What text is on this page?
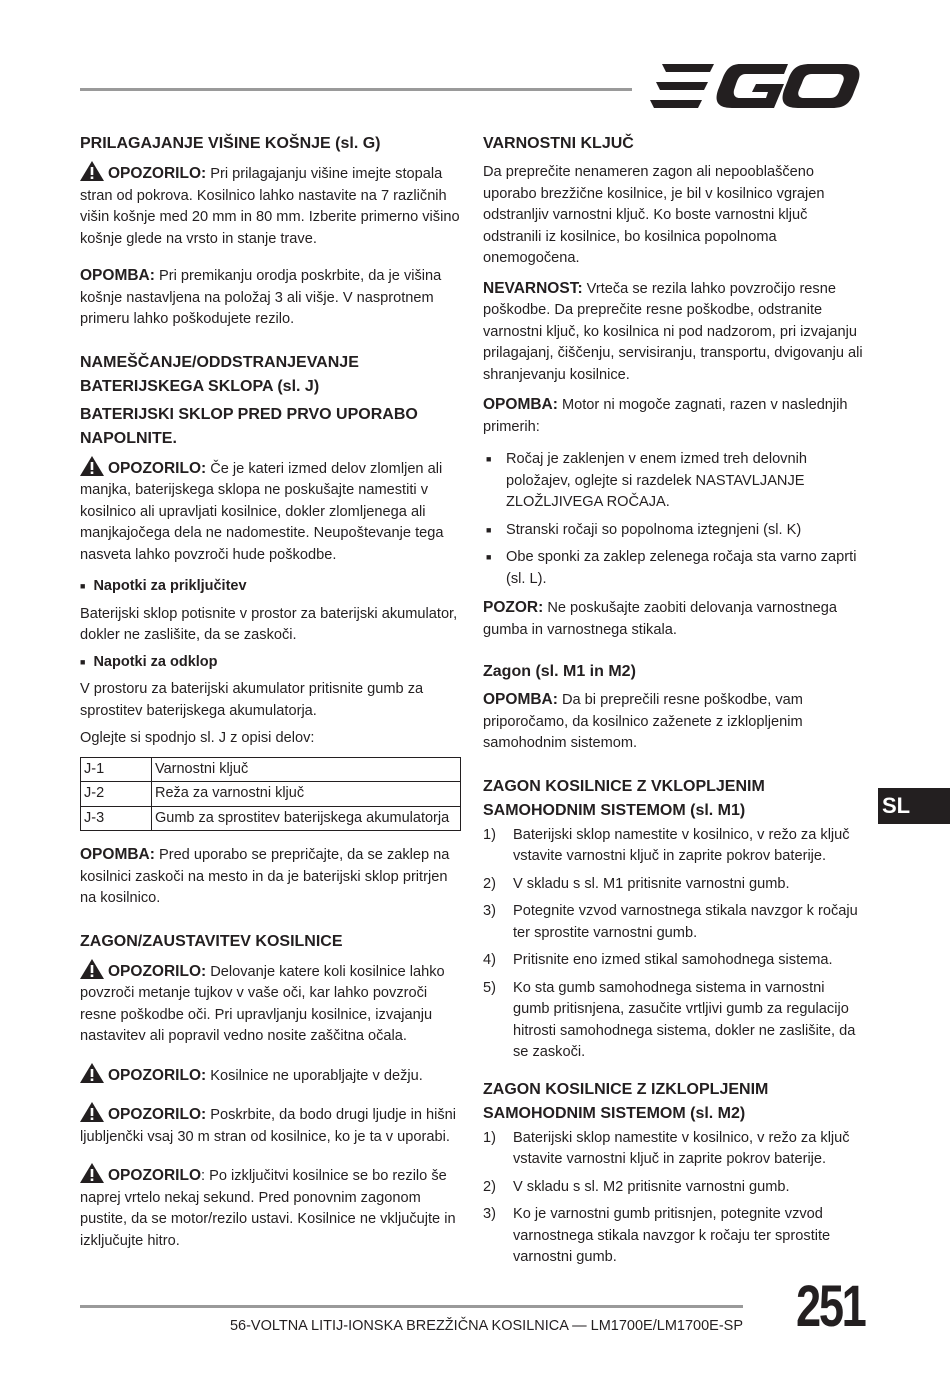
PRILAGAJANJE VIŠINE KOŠNJE (sl. G)

OPOZORILO: Pri prilagajanju višine imejte stopala stran od pokrova. Kosilnico lahko nastavite na 7 različnih višin košnje med 20 mm in 80 mm. Izberite primerno višino košnje glede na vrsto in stanje trave.

OPOMBA: Pri premikanju orodja poskrbite, da je višina košnje nastavljena na položaj 3 ali višje. V nasprotnem primeru lahko poškodujete rezilo.

NAMEŠČANJE/ODDSTRANJEVANJE BATERIJSKEGA SKLOPA (sl. J)

BATERIJSKI SKLOP PRED PRVO UPORABO NAPOLNITE.

OPOZORILO: Če je kateri izmed delov zlomljen ali manjka, baterijskega sklopa ne poskušajte namestiti v kosilnico ali upravljati kosilnice, dokler zlomljenega ali manjkajočega dela ne nadomestite. Neupoštevanje tega nasveta lahko povzroči hude poškodbe.

■ Napotki za priključitev

Baterijski sklop potisnite v prostor za baterijski akumulator, dokler ne zaslišite, da se zaskoči.

■ Napotki za odklop

V prostoru za baterijski akumulator pritisnite gumb za sprostitev baterijskega akumulatorja.

Oglejte si spodnjo sl. J z opisi delov:

J-1	Varnostni ključ
J-2	Reža za varnostni ključ
J-3	Gumb za sprostitev baterijskega akumulatorja

OPOMBA: Pred uporabo se prepričajte, da se zaklep na kosilnici zaskoči na mesto in da je baterijski sklop pritrjen na kosilnico.

ZAGON/ZAUSTAVITEV KOSILNICE

OPOZORILO: Delovanje katere koli kosilnice lahko povzroči metanje tujkov v vaše oči, kar lahko povzroči resne poškodbe oči. Pri upravljanju kosilnice, izvajanju nastavitev ali popravil vedno nosite zaščitna očala.

OPOZORILO: Kosilnice ne uporabljajte v dežju.

OPOZORILO: Poskrbite, da bodo drugi ljudje in hišni ljubljenčki vsaj 30 m stran od kosilnice, ko je ta v uporabi.

OPOZORILO: Po izključitvi kosilnice se bo rezilo še naprej vrtelo nekaj sekund. Pred ponovnim zagonom pustite, da se motor/rezilo ustavi. Kosilnice ne vključujte in izključujte hitro.

VARNOSTNI KLJUČ

Da preprečite nenameren zagon ali nepooblaščeno uporabo brezžične kosilnice, je bil v kosilnico vgrajen odstranljiv varnostni ključ. Ko boste varnostni ključ odstranili iz kosilnice, bo kosilnica popolnoma onemogočena.

NEVARNOST: Vrteča se rezila lahko povzročijo resne poškodbe. Da preprečite resne poškodbe, odstranite varnostni ključ, ko kosilnica ni pod nadzorom, pri izvajanju prilagajanj, čiščenju, servisiranju, transportu, dvigovanju ali shranjevanju kosilnice.

OPOMBA: Motor ni mogoče zagnati, razen v naslednjih primerih:

■ Ročaj je zaklenjen v enem izmed treh delovnih položajev, oglejte si razdelek NASTAVLJANJE ZLOŽLJIVEGA ROČAJA.
■ Stranski ročaji so popolnoma iztegnjeni (sl. K)
■ Obe sponki za zaklep zelenega ročaja sta varno zaprti (sl. L).

POZOR: Ne poskušajte zaobiti delovanja varnostnega gumba in varnostnega stikala.

Zagon (sl. M1 in M2)

OPOMBA: Da bi preprečili resne poškodbe, vam priporočamo, da kosilnico zaženete z izklopljenim samohodnim sistemom.

ZAGON KOSILNICE Z VKLOPLJENIM SAMOHODNIM SISTEMOM (sl. M1)

1)	Baterijski sklop namestite v kosilnico, v režo za ključ vstavite varnostni ključ in zaprite pokrov baterije.
2)	V skladu s sl. M1 pritisnite varnostni gumb.
3)	Potegnite vzvod varnostnega stikala navzgor k ročaju ter sprostite varnostni gumb.
4)	Pritisnite eno izmed stikal samohodnega sistema.
5)	Ko sta gumb samohodnega sistema in varnostni gumb pritisnjena, zasučite vrtljivi gumb za regulacijo hitrosti samohodnega sistema, dokler ne zaslišite, da se zaskoči.

ZAGON KOSILNICE Z IZKLOPLJENIM SAMOHODNIM SISTEMOM (sl. M2)

1)	Baterijski sklop namestite v kosilnico, v režo za ključ vstavite varnostni ključ in zaprite pokrov baterije.
2)	V skladu s sl. M2 pritisnite varnostni gumb.
3)	Ko je varnostni gumb pritisnjen, potegnite vzvod varnostnega stikala navzgor k ročaju ter sprostite varnostni gumb.
SL
56-VOLTNA LITIJ-IONSKA BREZŽIČNA KOSILNICA — LM1700E/LM1700E-SP 251
